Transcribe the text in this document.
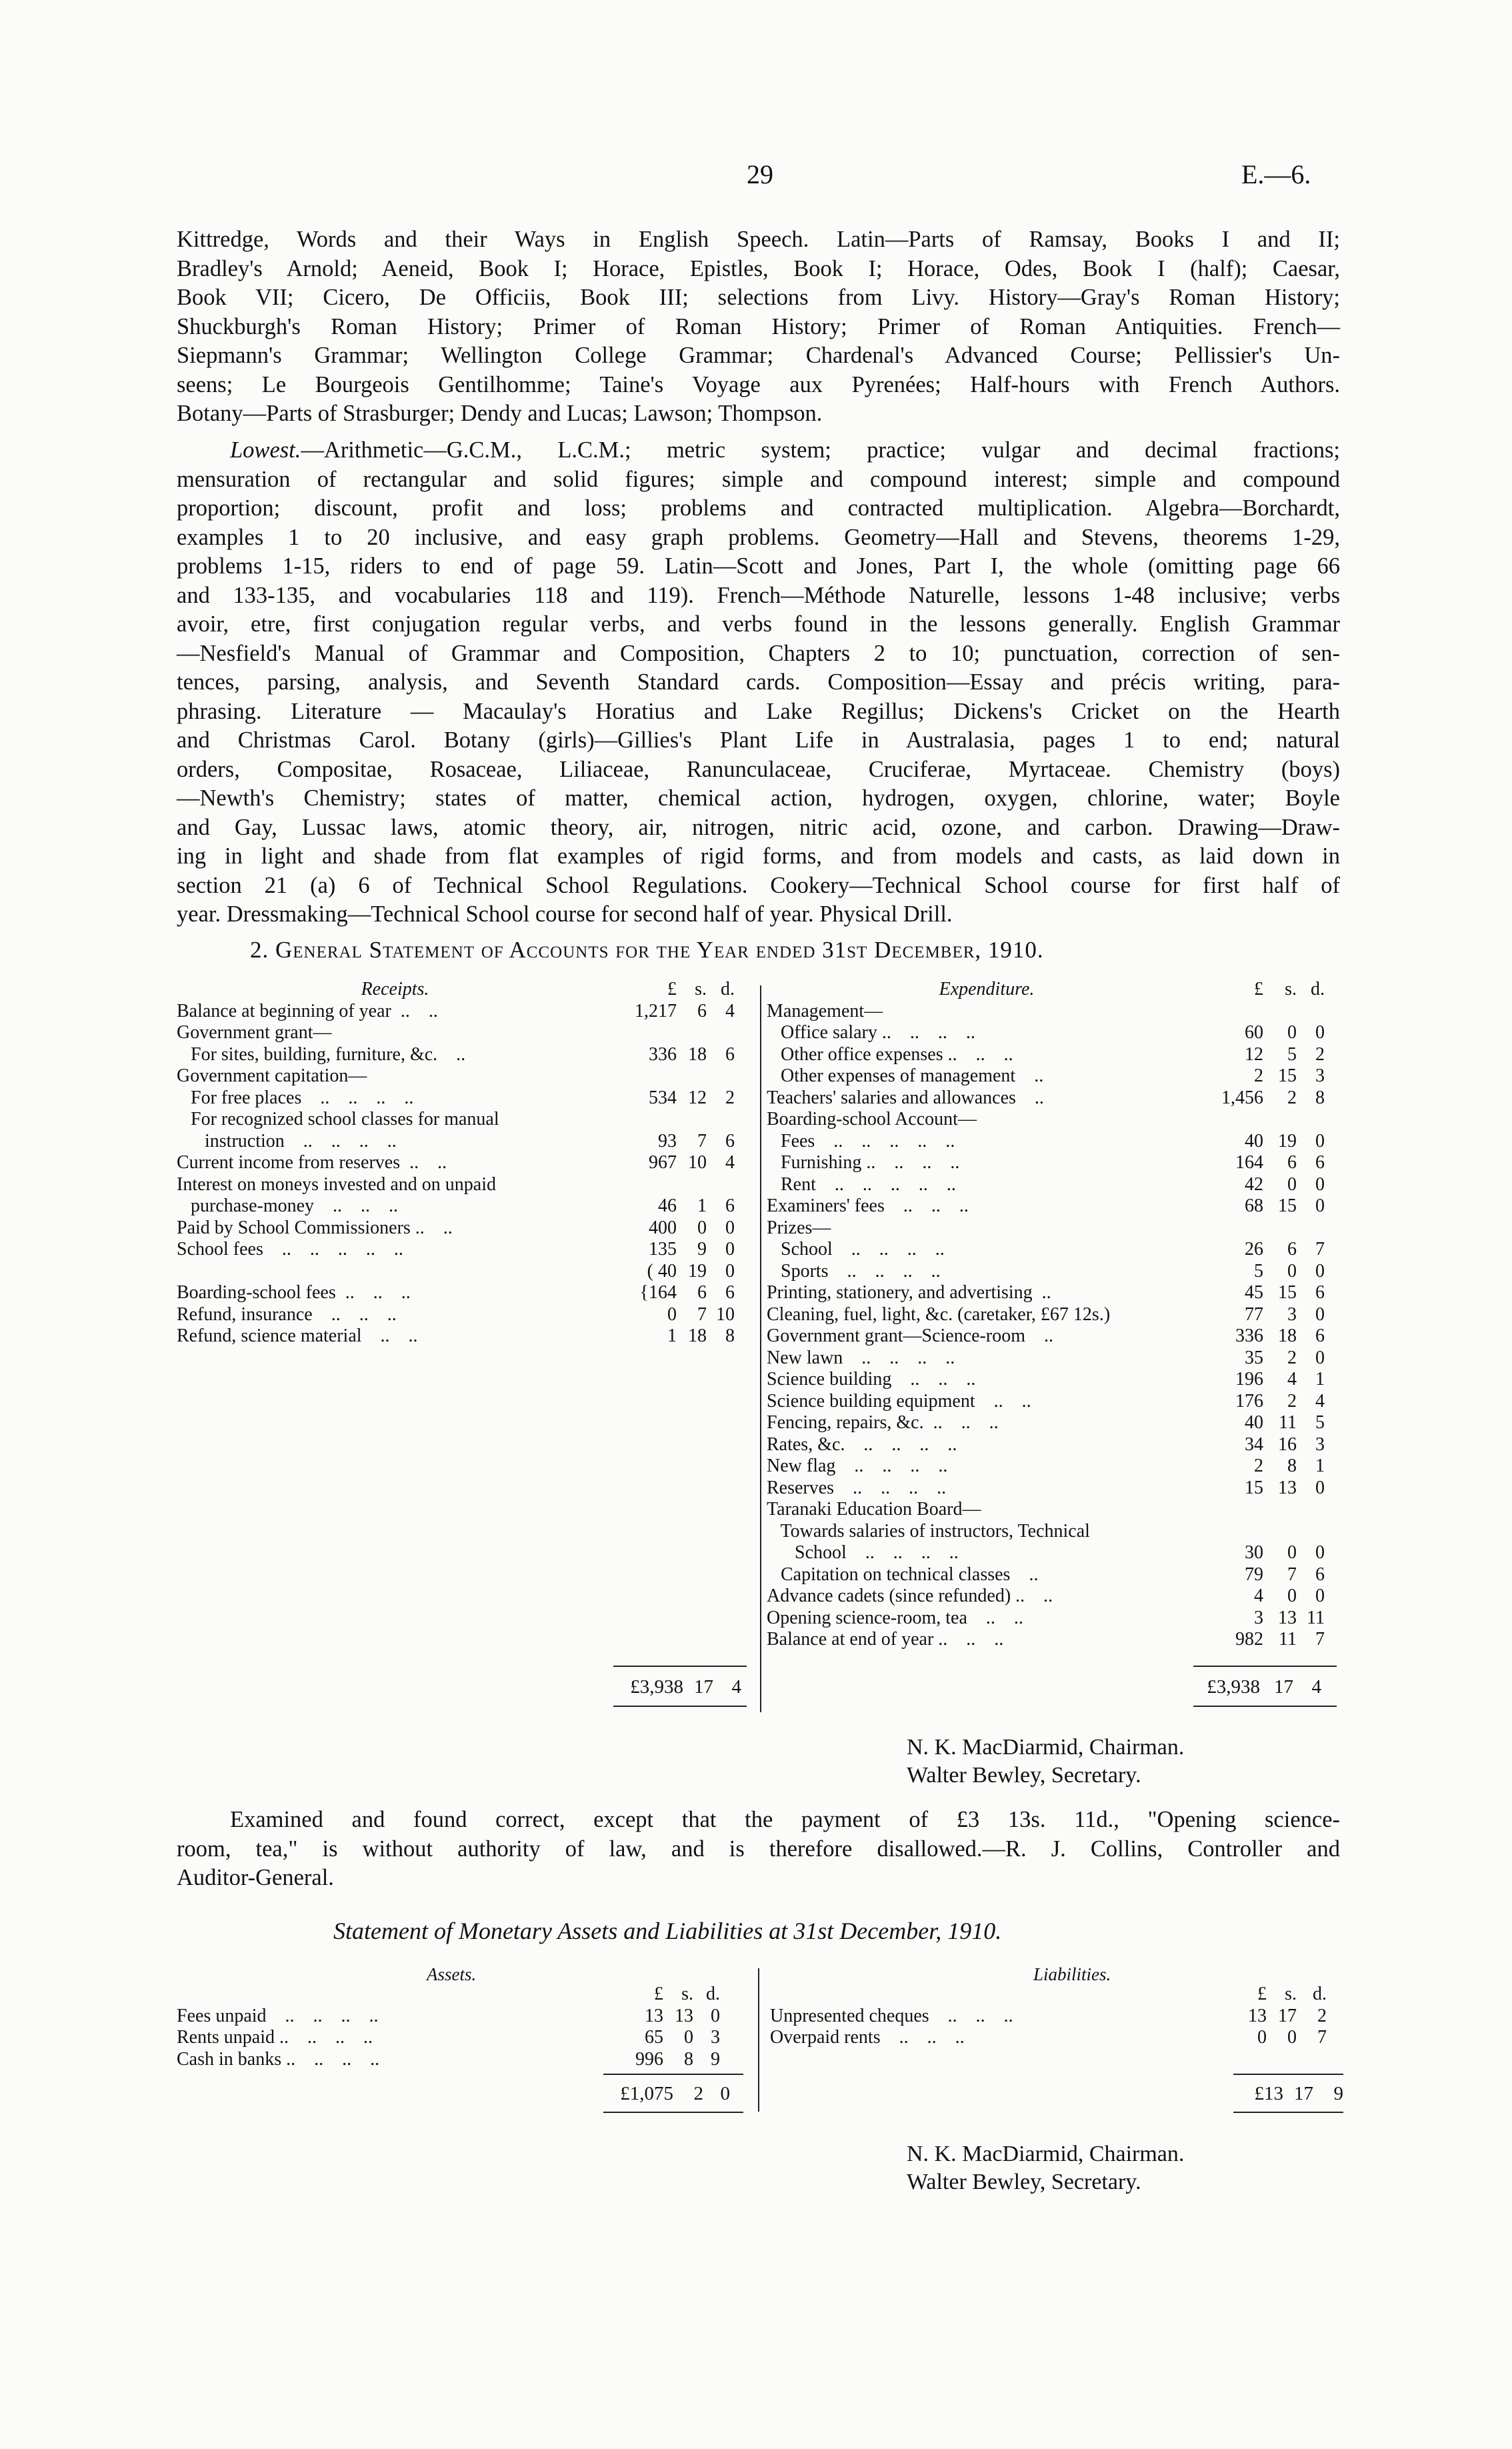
29	E.—6.
Kittredge, Words and their Ways in English Speech. Latin—Parts of Ramsay, Books I and II;
Bradley's Arnold; Aeneid, Book I; Horace, Epistles, Book I; Horace, Odes, Book I (half); Caesar,
Book VII; Cicero, De Officiis, Book III; selections from Livy. History—Gray's Roman History;
Shuckburgh's Roman History; Primer of Roman History; Primer of Roman Antiquities. French—
Siepmann's Grammar; Wellington College Grammar; Chardenal's Advanced Course; Pellissier's Un-
seens; Le Bourgeois Gentilhomme; Taine's Voyage aux Pyrenées; Half-hours with French Authors.
Botany—Parts of Strasburger; Dendy and Lucas; Lawson; Thompson.
Lowest.—Arithmetic—G.C.M., L.C.M.; metric system; practice; vulgar and decimal fractions;
mensuration of rectangular and solid figures; simple and compound interest; simple and compound
proportion; discount, profit and loss; problems and contracted multiplication. Algebra—Borchardt,
examples 1 to 20 inclusive, and easy graph problems. Geometry—Hall and Stevens, theorems 1-29,
problems 1-15, riders to end of page 59. Latin—Scott and Jones, Part I, the whole (omitting page 66
and 133-135, and vocabularies 118 and 119). French—Méthode Naturelle, lessons 1-48 inclusive; verbs
avoir, etre, first conjugation regular verbs, and verbs found in the lessons generally. English Grammar
—Nesfield's Manual of Grammar and Composition, Chapters 2 to 10; punctuation, correction of sen-
tences, parsing, analysis, and Seventh Standard cards. Composition—Essay and précis writing, para-
phrasing. Literature — Macaulay's Horatius and Lake Regillus; Dickens's Cricket on the Hearth
and Christmas Carol. Botany (girls)—Gillies's Plant Life in Australasia, pages 1 to end; natural
orders, Compositae, Rosaceae, Liliaceae, Ranunculaceae, Cruciferae, Myrtaceae. Chemistry (boys)
—Newth's Chemistry; states of matter, chemical action, hydrogen, oxygen, chlorine, water; Boyle
and Gay, Lussac laws, atomic theory, air, nitrogen, nitric acid, ozone, and carbon. Drawing—Draw-
ing in light and shade from flat examples of rigid forms, and from models and casts, as laid down in
section 21 (a) 6 of Technical School Regulations. Cookery—Technical School course for first half of
year. Dressmaking—Technical School course for second half of year. Physical Drill.
2. General Statement of Accounts for the Year ended 31st December, 1910.
Receipts.	£	s.	d.
Balance at beginning of year  ..    ..	1,217	6	4
Government grant—			
For sites, building, furniture, &c.    ..	336	18	6
Government capitation—			
For free places    ..    ..    ..    ..	534	12	2
For recognized school classes for manual			
instruction    ..    ..    ..    ..	93	7	6
Current income from reserves  ..    ..	967	10	4
Interest on moneys invested and on unpaid			
purchase-money    ..    ..    ..	46	1	6
Paid by School Commissioners ..    ..	400	0	0
School fees    ..    ..    ..    ..    ..	135	9	0
	( 40	19	0
Boarding-school fees  ..    ..    ..	{164	6	6
Refund, insurance    ..    ..    ..	0	7	10
Refund, science material    ..    ..	1	18	8
Expenditure.	£	s.	d.
Management—			
Office salary ..    ..    ..    ..	60	0	0
Other office expenses ..    ..    ..	12	5	2
Other expenses of management    ..	2	15	3
Teachers' salaries and allowances    ..	1,456	2	8
Boarding-school Account—			
Fees    ..    ..    ..    ..    ..	40	19	0
Furnishing ..    ..    ..    ..	164	6	6
Rent    ..    ..    ..    ..    ..	42	0	0
Examiners' fees    ..    ..    ..	68	15	0
Prizes—			
School    ..    ..    ..    ..	26	6	7
Sports    ..    ..    ..    ..	5	0	0
Printing, stationery, and advertising  ..	45	15	6
Cleaning, fuel, light, &c. (caretaker, £67 12s.)	77	3	0
Government grant—Science-room    ..	336	18	6
New lawn    ..    ..    ..    ..	35	2	0
Science building    ..    ..    ..	196	4	1
Science building equipment    ..    ..	176	2	4
Fencing, repairs, &c.  ..    ..    ..	40	11	5
Rates, &c.    ..    ..    ..    ..	34	16	3
New flag    ..    ..    ..    ..	2	8	1
Reserves    ..    ..    ..    ..	15	13	0
Taranaki Education Board—			
Towards salaries of instructors, Technical			
School    ..    ..    ..    ..	30	0	0
Capitation on technical classes    ..	79	7	6
Advance cadets (since refunded) ..    ..	4	0	0
Opening science-room, tea    ..    ..	3	13	11
Balance at end of year ..    ..    ..	982	11	7
£3,938	17	4	£3,938	17	4
N. K. MacDiarmid, Chairman.
Walter Bewley, Secretary.
Examined and found correct, except that the payment of £3 13s. 11d., "Opening science-
room, tea," is without authority of law, and is therefore disallowed.—R. J. Collins, Controller and
Auditor-General.
Statement of Monetary Assets and Liabilities at 31st December, 1910.
Assets.	Liabilities.
	£	s.	d.
Fees unpaid    ..    ..    ..    ..	13	13	0
Rents unpaid ..    ..    ..    ..	65	0	3
Cash in banks ..    ..    ..    ..	996	8	9
	£	s.	d.
Unpresented cheques    ..    ..    ..	13	17	2
Overpaid rents    ..    ..    ..	0	0	7
£1,075	2	0	£13	17	9
N. K. MacDiarmid, Chairman.
Walter Bewley, Secretary.
